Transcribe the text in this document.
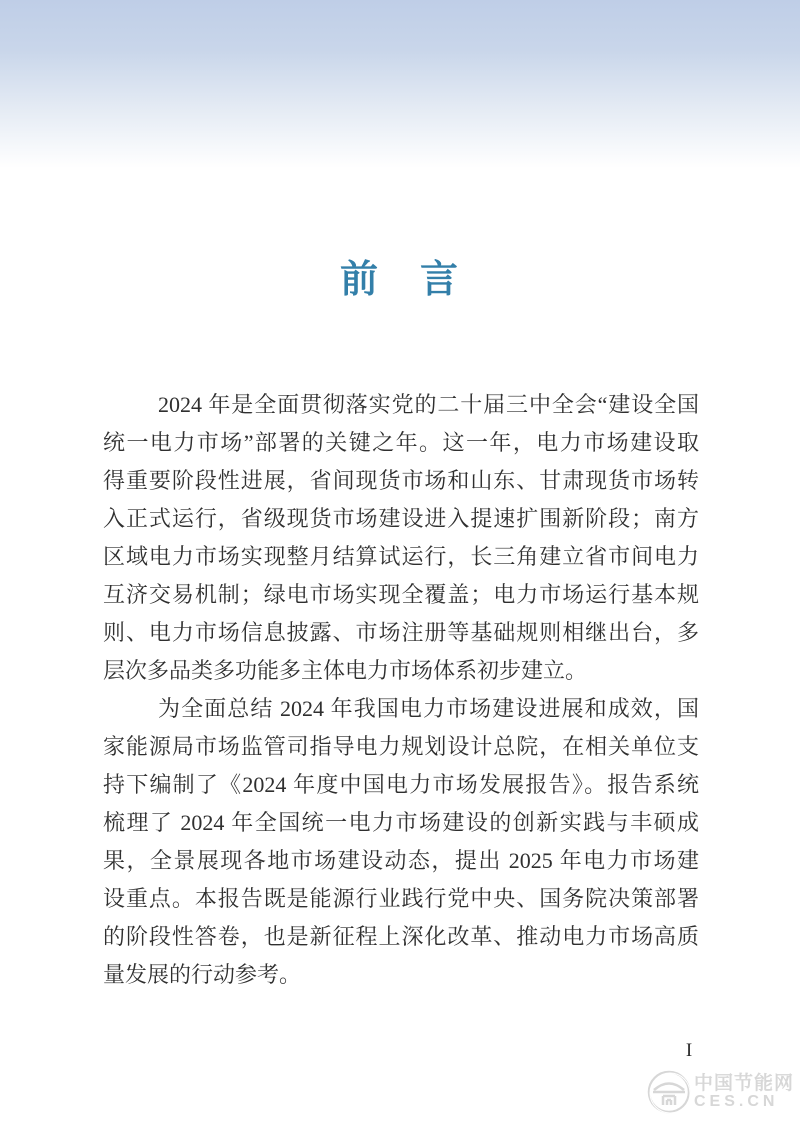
前　言
2024 年是全面贯彻落实党的二十届三中全会“建设全国
统一电力市场”部署的关键之年。这一年，电力市场建设取
得重要阶段性进展，省间现货市场和山东、甘肃现货市场转
入正式运行，省级现货市场建设进入提速扩围新阶段；南方
区域电力市场实现整月结算试运行，长三角建立省市间电力
互济交易机制；绿电市场实现全覆盖；电力市场运行基本规
则、电力市场信息披露、市场注册等基础规则相继出台，多
层次多品类多功能多主体电力市场体系初步建立。
为全面总结 2024 年我国电力市场建设进展和成效，国
家能源局市场监管司指导电力规划设计总院，在相关单位支
持下编制了《2024 年度中国电力市场发展报告》。报告系统
梳理了 2024 年全国统一电力市场建设的创新实践与丰硕成
果，全景展现各地市场建设动态，提出 2025 年电力市场建
设重点。本报告既是能源行业践行党中央、国务院决策部署
的阶段性答卷，也是新征程上深化改革、推动电力市场高质
量发展的行动参考。
I
中国节能网
CES.CN
